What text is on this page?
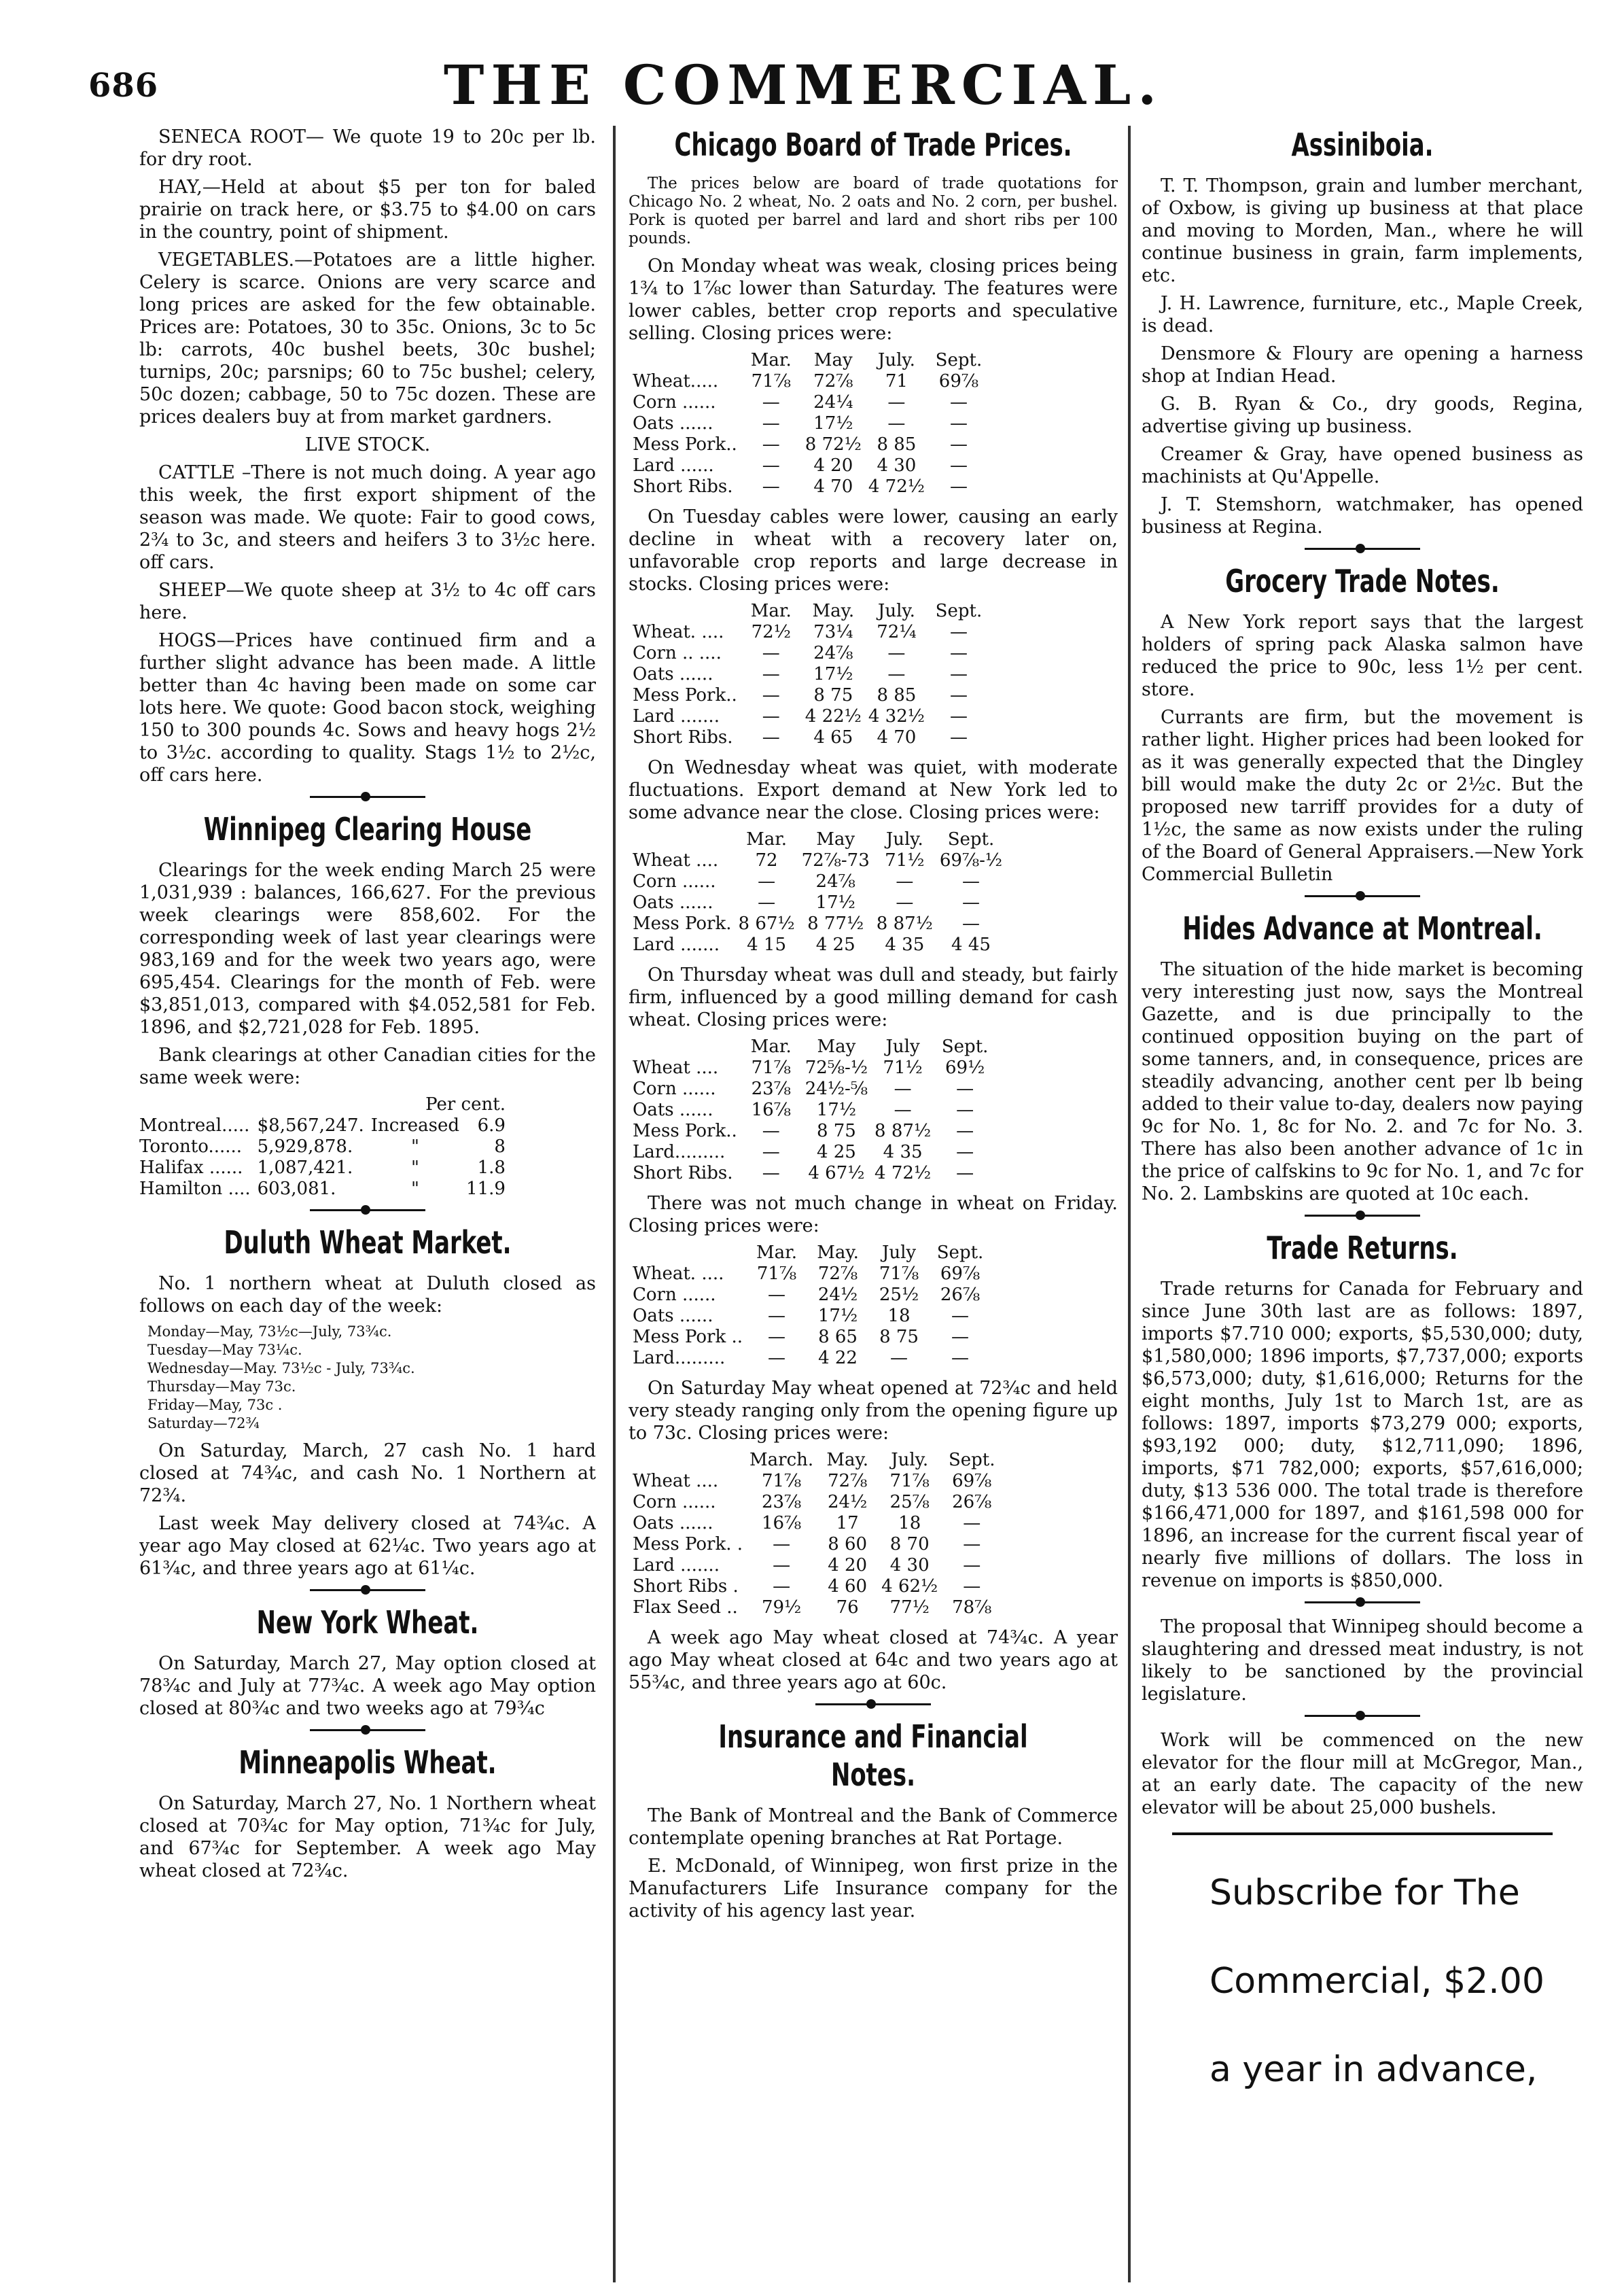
686	THE COMMERCIAL.

SENECA ROOT— We quote 19 to 20c per lb. for dry root.

HAY,—Held at about $5 per ton for baled prairie on track here, or $3.75 to $4.00 on cars in the country, point of shipment.

VEGETABLES.—Potatoes are a little higher. Celery is scarce. Onions are very scarce and long prices are asked for the few obtainable. Prices are: Potatoes, 30 to 35c. Onions, 3c to 5c lb: carrots, 40c bushel beets, 30c bushel; turnips, 20c; parsnips; 60 to 75c bushel; celery, 50c dozen; cabbage, 50 to 75c dozen. These are prices dealers buy at from market gardners.

LIVE STOCK.

CATTLE –There is not much doing. A year ago this week, the first export shipment of the season was made. We quote: Fair to good cows, 2¾ to 3c, and steers and heifers 3 to 3½c here. off cars.

SHEEP—We quote sheep at 3½ to 4c off cars here.

HOGS—Prices have continued firm and a further slight advance has been made. A little better than 4c having been made on some car lots here. We quote: Good bacon stock, weighing 150 to 300 pounds 4c. Sows and heavy hogs 2½ to 3½c. according to quality. Stags 1½ to 2½c, off cars here.

Winnipeg Clearing House

Clearings for the week ending March 25 were 1,031,939 : balances, 166,627. For the previous week clearings were 858,602. For the corresponding week of last year clearings were 983,169 and for the week two years ago, were 695,454. Clearings for the month of Feb. were $3,851,013, compared with $4.052,581 for Feb. 1896, and $2,721,028 for Feb. 1895.

Bank clearings at other Canadian cities for the same week were:

		Per cent.	
Montreal.....	$8,567,247.	Increased	6.9
Toronto......	5,929,878.	"	8
Halifax ......	1,087,421.	"	1.8
Hamilton ....	603,081.	"	11.9
Duluth Wheat Market.

No. 1 northern wheat at Duluth closed as follows on each day of the week:

Monday—May, 73½c—July, 73¾c.
Tuesday—May 73¼c.
Wednesday—May. 73½c - July, 73¾c.
Thursday—May 73c.
Friday—May, 73c .
Saturday—72¾

On Saturday, March, 27 cash No. 1 hard closed at 74¾c, and cash No. 1 Northern at 72¾.

Last week May delivery closed at 74¾c. A year ago May closed at 62¼c. Two years ago at 61¾c, and three years ago at 61¼c.

New York Wheat.

On Saturday, March 27, May option closed at 78¾c and July at 77¾c. A week ago May option closed at 80¾c and two weeks ago at 79¾c

Minneapolis Wheat.

On Saturday, March 27, No. 1 Northern wheat closed at 70¾c for May option, 71¾c for July, and 67¾c for September. A week ago May wheat closed at 72¾c.

Chicago Board of Trade Prices.
The prices below are board of trade quotations for Chicago No. 2 wheat, No. 2 oats and No. 2 corn, per bushel. Pork is quoted per barrel and lard and short ribs per 100 pounds.

On Monday wheat was weak, closing prices being 1¾ to 1⅞c lower than Saturday. The features were lower cables, better crop reports and speculative selling. Closing prices were:

	Mar.	May	July.	Sept.
Wheat.....	71⅞	72⅞	71	69⅞
Corn ......	—	24¼	—	—
Oats ......	—	17½	—	—
Mess Pork..	—	8 72½	8 85	—
Lard ......	—	4 20	4 30	—
Short Ribs.	—	4 70	4 72½	—

On Tuesday cables were lower, causing an early decline in wheat with a recovery later on, unfavorable crop reports and large decrease in stocks. Closing prices were:

	Mar.	May.	July.	Sept.
Wheat. ....	72½	73¼	72¼	—
Corn .. ....	—	24⅞	—	—
Oats ......	—	17½	—	—
Mess Pork..	—	8 75	8 85	—
Lard .......	—	4 22½	4 32½	—
Short Ribs.	—	4 65	4 70	—

On Wednesday wheat was quiet, with moderate fluctuations. Export demand at New York led to some advance near the close. Closing prices were:

	Mar.	May	July.	Sept.
Wheat ....	72	72⅞-73	71½	69⅞-½
Corn ......	—	24⅞	—	—
Oats ......	—	17½	—	—
Mess Pork.	8 67½	8 77½	8 87½	—
Lard .......	4 15	4 25	4 35	4 45

On Thursday wheat was dull and steady, but fairly firm, influenced by a good milling demand for cash wheat. Closing prices were:

	Mar.	May	July	Sept.
Wheat ....	71⅞	72⅝-½	71½	69½
Corn ......	23⅞	24½-⅝	—	—
Oats ......	16⅞	17½	—	—
Mess Pork..	—	8 75	8 87½	—
Lard.........	—	4 25	4 35	—
Short Ribs.	—	4 67½	4 72½	—

There was not much change in wheat on Friday. Closing prices were:

	Mar.	May.	July	Sept.
Wheat. ....	71⅞	72⅞	71⅞	69⅞
Corn ......	—	24½	25½	26⅞
Oats ......	—	17½	18	—
Mess Pork ..	—	8 65	8 75	—
Lard.........	—	4 22	—	—

On Saturday May wheat opened at 72¾c and held very steady ranging only from the opening figure up to 73c. Closing prices were:

	March.	May.	July.	Sept.
Wheat ....	71⅞	72⅞	71⅞	69⅞
Corn ......	23⅞	24½	25⅞	26⅞
Oats ......	16⅞	17	18	—
Mess Pork. .	—	8 60	8 70	—
Lard .......	—	4 20	4 30	—
Short Ribs .	—	4 60	4 62½	—
Flax Seed ..	79½	76	77½	78⅞

A week ago May wheat closed at 74¾c. A year ago May wheat closed at 64c and two years ago at 55¾c, and three years ago at 60c.

Insurance and Financial Notes.

The Bank of Montreal and the Bank of Commerce contemplate opening branches at Rat Portage.

E. McDonald, of Winnipeg, won first prize in the Manufacturers Life Insurance company for the activity of his agency last year.

Assiniboia.

T. T. Thompson, grain and lumber merchant, of Oxbow, is giving up business at that place and moving to Morden, Man., where he will continue business in grain, farm implements, etc.

J. H. Lawrence, furniture, etc., Maple Creek, is dead.

Densmore & Floury are opening a harness shop at Indian Head.

G. B. Ryan & Co., dry goods, Regina, advertise giving up business.

Creamer & Gray, have opened business as machinists at Qu'Appelle.

J. T. Stemshorn, watchmaker, has opened business at Regina.

Grocery Trade Notes.

A New York report says that the largest holders of spring pack Alaska salmon have reduced the price to 90c, less 1½ per cent. store.

Currants are firm, but the movement is rather light. Higher prices had been looked for as it was generally expected that the Dingley bill would make the duty 2c or 2½c. But the proposed new tarriff provides for a duty of 1½c, the same as now exists under the ruling of the Board of General Appraisers.—New York Commercial Bulletin

Hides Advance at Montreal.

The situation of the hide market is becoming very interesting just now, says the Montreal Gazette, and is due principally to the continued opposition buying on the part of some tanners, and, in consequence, prices are steadily advancing, another cent per lb being added to their value to-day, dealers now paying 9c for No. 1, 8c for No. 2. and 7c for No. 3. There has also been another advance of 1c in the price of calfskins to 9c for No. 1, and 7c for No. 2. Lambskins are quoted at 10c each.

Trade Returns.

Trade returns for Canada for February and since June 30th last are as follows: 1897, imports $7.710 000; exports, $5,530,000; duty, $1,580,000; 1896 imports, $7,737,000; exports $6,573,000; duty, $1,616,000; Returns for the eight months, July 1st to March 1st, are as follows: 1897, imports $73,279 000; exports, $93,192 000; duty, $12,711,090; 1896, imports, $71 782,000; exports, $57,616,000; duty, $13 536 000. The total trade is therefore $166,471,000 for 1897, and $161,598 000 for 1896, an increase for the current fiscal year of nearly five millions of dollars. The loss in revenue on imports is $850,000.

The proposal that Winnipeg should become a slaughtering and dressed meat industry, is not likely to be sanctioned by the provincial legislature.

Work will be commenced on the new elevator for the flour mill at McGregor, Man., at an early date. The capacity of the new elevator will be about 25,000 bushels.

Subscribe for The
Commercial, $2.00
a year in advance,
